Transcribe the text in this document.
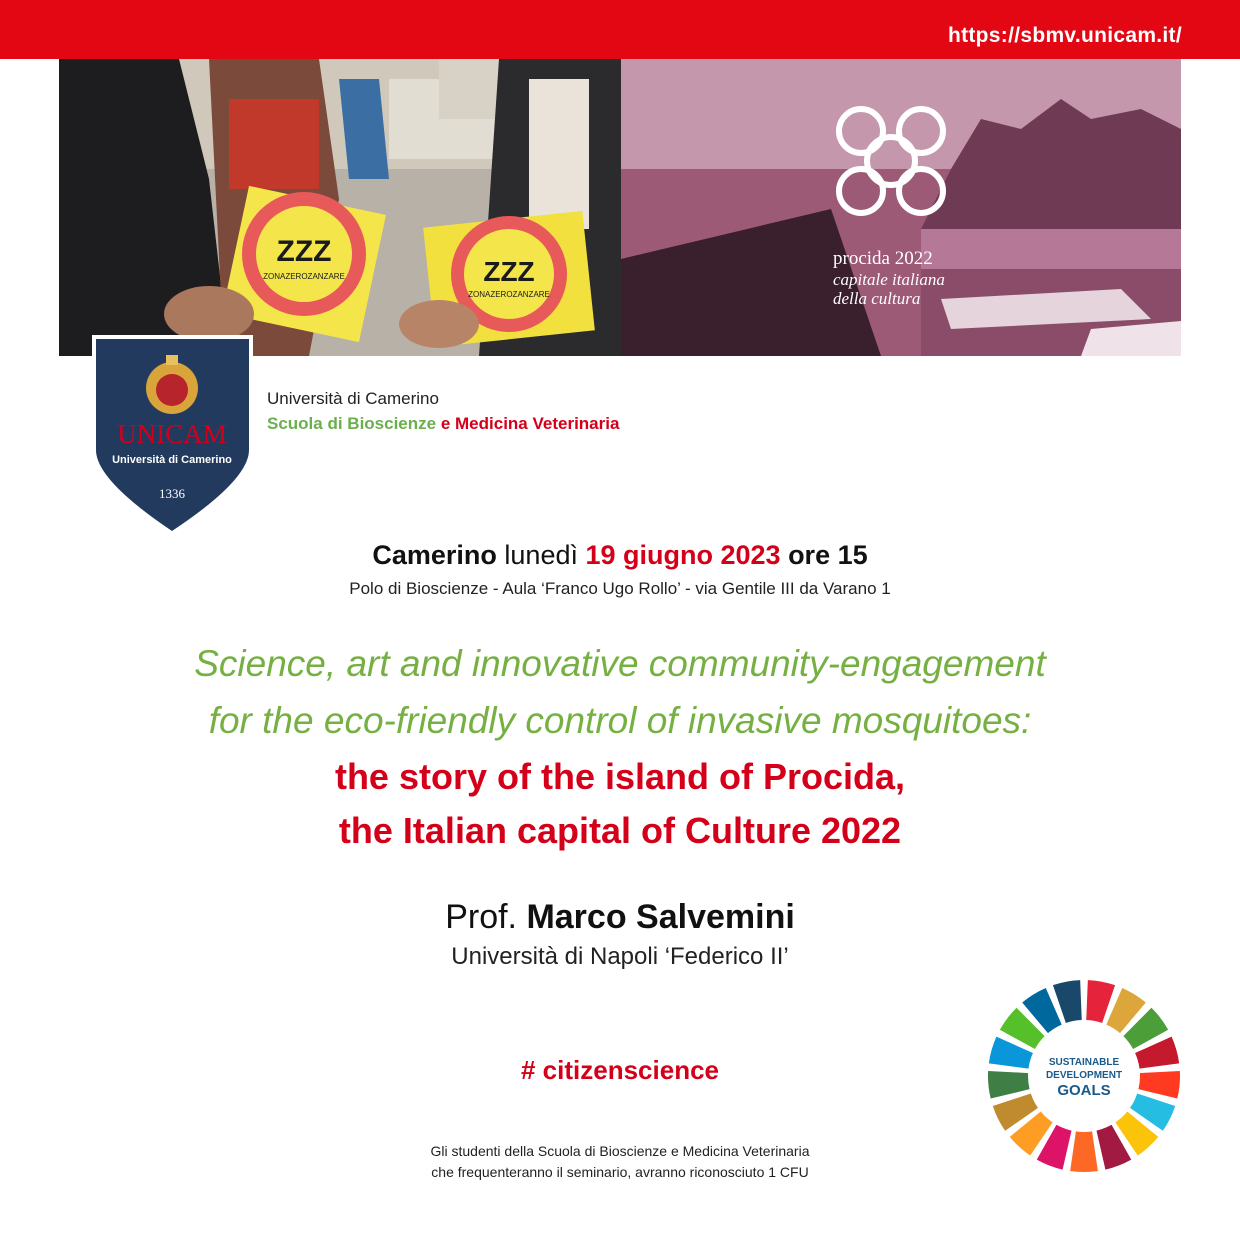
https://sbmv.unicam.it/
ZZZ
ZZZ
ZONAZEROZANZARE
ZONAZEROZANZARE
procida 2022
capitale italiana
della cultura
UNICAM
Università di Camerino
1336
Università di Camerino
Scuola di Bioscienze e Medicina Veterinaria
Camerino lunedì 19 giugno 2023 ore 15
Polo di Bioscienze - Aula ‘Franco Ugo Rollo’ - via Gentile III da Varano 1
Science, art and innovative community-engagement
for the eco-friendly control of invasive mosquitoes:
the story of the island of Procida,
the Italian capital of Culture 2022
Prof. Marco Salvemini
Università di Napoli ‘Federico II’
# citizenscience
Gli studenti della Scuola di Bioscienze e Medicina Veterinaria
che frequenteranno il seminario, avranno riconosciuto 1 CFU
SUSTAINABLE
DEVELOPMENT
GOALS
